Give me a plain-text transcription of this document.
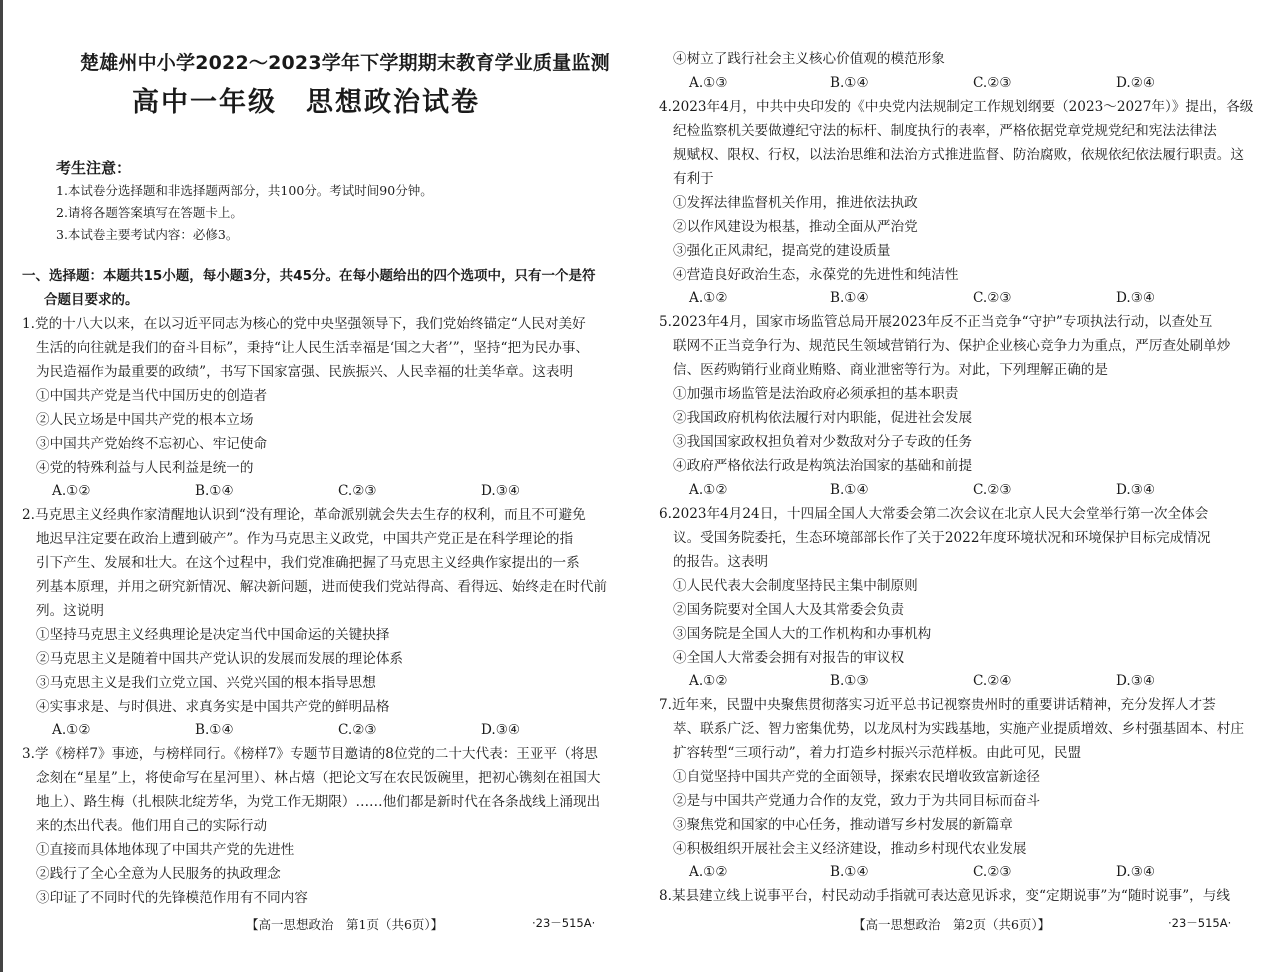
楚雄州中小学2022～2023学年下学期期末教育学业质量监测
高中一年级　思想政治试卷
考生注意：
1.本试卷分选择题和非选择题两部分，共100分。考试时间90分钟。
2.请将各题答案填写在答题卡上。
3.本试卷主要考试内容：必修3。
一、选择题：本题共15小题，每小题3分，共45分。在每小题给出的四个选项中，只有一个是符
合题目要求的。
1.党的十八大以来，在以习近平同志为核心的党中央坚强领导下，我们党始终锚定“人民对美好
生活的向往就是我们的奋斗目标”，秉持“让人民生活幸福是‘国之大者’”，坚持“把为民办事、
为民造福作为最重要的政绩”，书写下国家富强、民族振兴、人民幸福的壮美华章。这表明
①中国共产党是当代中国历史的创造者
②人民立场是中国共产党的根本立场
③中国共产党始终不忘初心、牢记使命
④党的特殊利益与人民利益是统一的
A.①②	B.①④	C.②③	D.③④
2.马克思主义经典作家清醒地认识到“没有理论，革命派别就会失去生存的权利，而且不可避免
地迟早注定要在政治上遭到破产”。作为马克思主义政党，中国共产党正是在科学理论的指
引下产生、发展和壮大。在这个过程中，我们党准确把握了马克思主义经典作家提出的一系
列基本原理，并用之研究新情况、解决新问题，进而使我们党站得高、看得远、始终走在时代前
列。这说明
①坚持马克思主义经典理论是决定当代中国命运的关键抉择
②马克思主义是随着中国共产党认识的发展而发展的理论体系
③马克思主义是我们立党立国、兴党兴国的根本指导思想
④实事求是、与时俱进、求真务实是中国共产党的鲜明品格
A.①②	B.①④	C.②③	D.③④
3.学《榜样7》事迹，与榜样同行。《榜样7》专题节目邀请的8位党的二十大代表：王亚平（将思
念刻在“星星”上，将使命写在星河里）、林占熺（把论文写在农民饭碗里，把初心镌刻在祖国大
地上）、路生梅（扎根陕北绽芳华，为党工作无期限）……他们都是新时代在各条战线上涌现出
来的杰出代表。他们用自己的实际行动
①直接而具体地体现了中国共产党的先进性
②践行了全心全意为人民服务的执政理念
③印证了不同时代的先锋模范作用有不同内容
【高一思想政治　第1页（共6页）】	·23－515A·
④树立了践行社会主义核心价值观的模范形象
A.①③	B.①④	C.②③	D.②④
4.2023年4月，中共中央印发的《中央党内法规制定工作规划纲要（2023～2027年）》提出，各级
纪检监察机关要做遵纪守法的标杆、制度执行的表率，严格依据党章党规党纪和宪法法律法
规赋权、限权、行权，以法治思维和法治方式推进监督、防治腐败，依规依纪依法履行职责。这
有利于
①发挥法律监督机关作用，推进依法执政
②以作风建设为根基，推动全面从严治党
③强化正风肃纪，提高党的建设质量
④营造良好政治生态，永葆党的先进性和纯洁性
A.①②	B.①④	C.②③	D.③④
5.2023年4月，国家市场监管总局开展2023年反不正当竞争“守护”专项执法行动，以查处互
联网不正当竞争行为、规范民生领域营销行为、保护企业核心竞争力为重点，严厉查处刷单炒
信、医药购销行业商业贿赂、商业泄密等行为。对此，下列理解正确的是
①加强市场监管是法治政府必须承担的基本职责
②我国政府机构依法履行对内职能，促进社会发展
③我国国家政权担负着对少数敌对分子专政的任务
④政府严格依法行政是构筑法治国家的基础和前提
A.①②	B.①④	C.②③	D.③④
6.2023年4月24日，十四届全国人大常委会第二次会议在北京人民大会堂举行第一次全体会
议。受国务院委托，生态环境部部长作了关于2022年度环境状况和环境保护目标完成情况
的报告。这表明
①人民代表大会制度坚持民主集中制原则
②国务院要对全国人大及其常委会负责
③国务院是全国人大的工作机构和办事机构
④全国人大常委会拥有对报告的审议权
A.①②	B.①③	C.②④	D.③④
7.近年来，民盟中央聚焦贯彻落实习近平总书记视察贵州时的重要讲话精神，充分发挥人才荟
萃、联系广泛、智力密集优势，以龙凤村为实践基地，实施产业提质增效、乡村强基固本、村庄
扩容转型“三项行动”，着力打造乡村振兴示范样板。由此可见，民盟
①自觉坚持中国共产党的全面领导，探索农民增收致富新途径
②是与中国共产党通力合作的友党，致力于为共同目标而奋斗
③聚焦党和国家的中心任务，推动谱写乡村发展的新篇章
④积极组织开展社会主义经济建设，推动乡村现代农业发展
A.①②	B.①④	C.②③	D.③④
8.某县建立线上说事平台，村民动动手指就可表达意见诉求，变“定期说事”为“随时说事”，与线
【高一思想政治　第2页（共6页）】	·23－515A·
